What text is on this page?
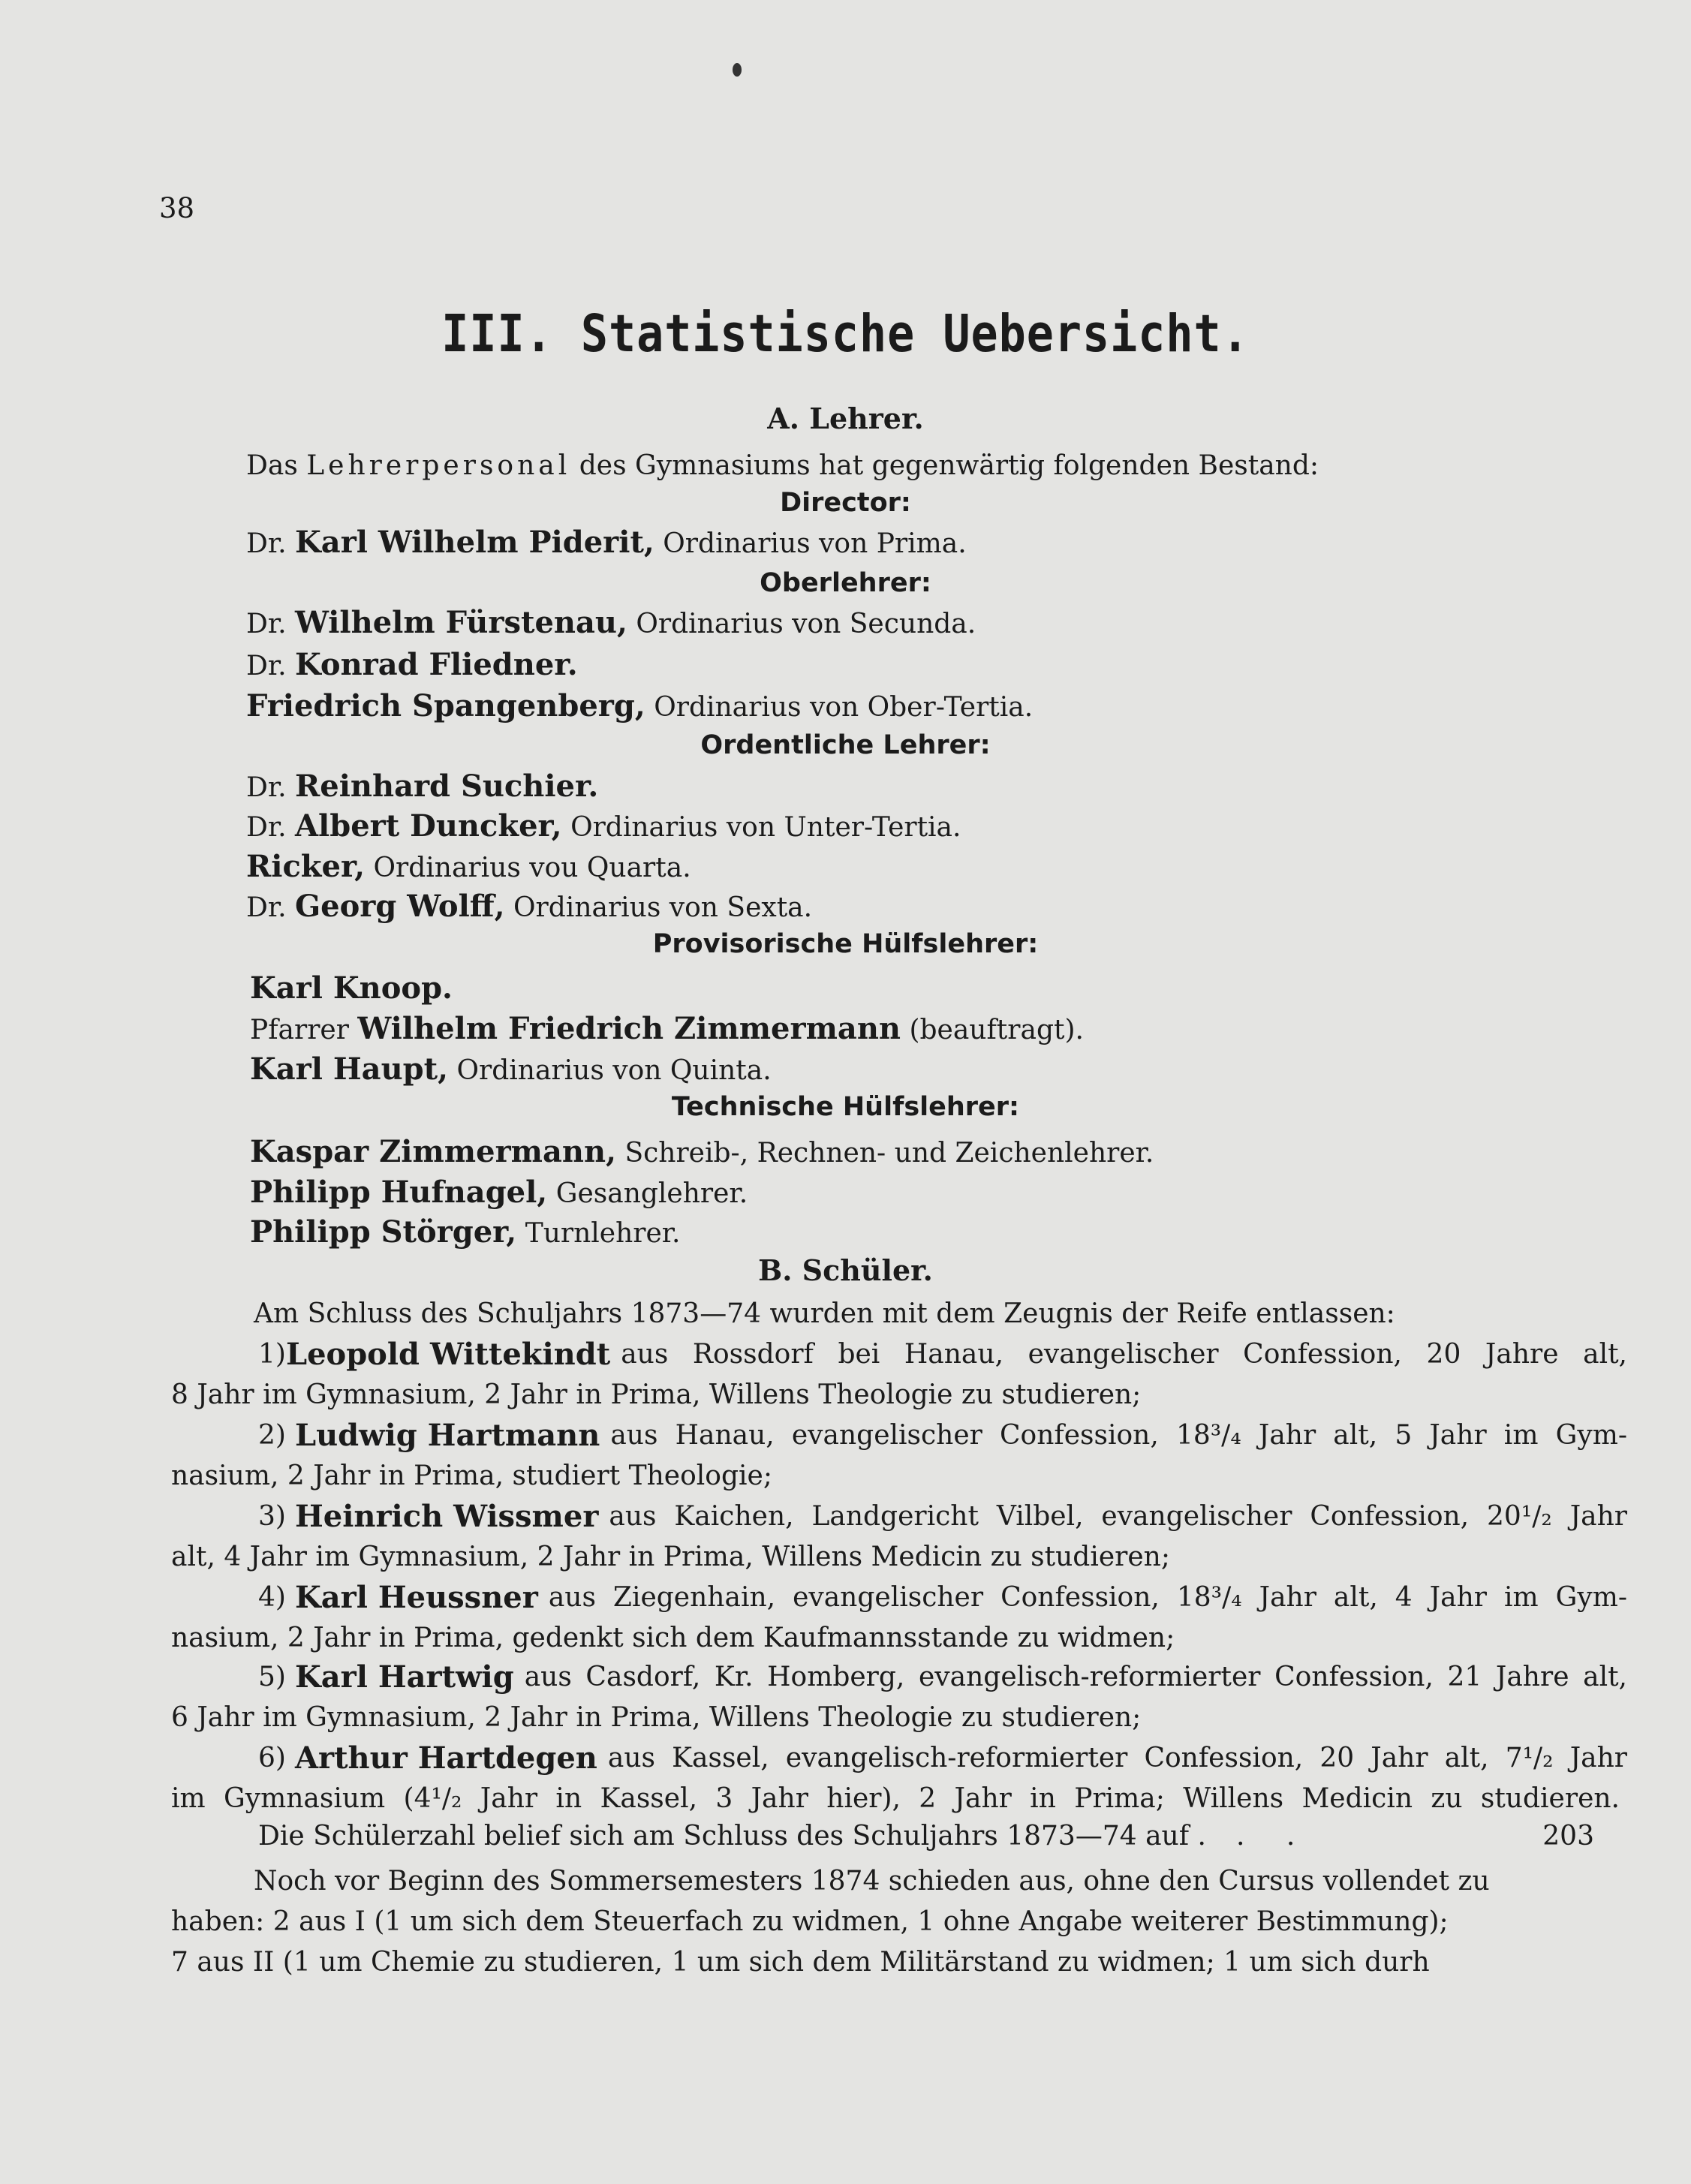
38
III. Statistische Uebersicht.
A. Lehrer.
Das Lehrerpersonal des Gymnasiums hat gegenwärtig folgenden Bestand:
Director:
Dr. Karl Wilhelm Piderit, Ordinarius von Prima.
Oberlehrer:
Dr. Wilhelm Fürstenau, Ordinarius von Secunda.
Dr. Konrad Fliedner.
Friedrich Spangenberg, Ordinarius von Ober-Tertia.
Ordentliche Lehrer:
Dr. Reinhard Suchier.
Dr. Albert Duncker, Ordinarius von Unter-Tertia.
Ricker, Ordinarius vou Quarta.
Dr. Georg Wolff, Ordinarius von Sexta.
Provisorische Hülfslehrer:
Karl Knoop.
Pfarrer Wilhelm Friedrich Zimmermann (beauftragt).
Karl Haupt, Ordinarius von Quinta.
Technische Hülfslehrer:
Kaspar Zimmermann, Schreib-, Rechnen- und Zeichenlehrer.
Philipp Hufnagel, Gesanglehrer.
Philipp Störger, Turnlehrer.
B. Schüler.
Am Schluss des Schuljahrs 1873—74 wurden mit dem Zeugnis der Reife entlassen:
1) Leopold Wittekindt aus Rossdorf bei Hanau, evangelischer Confession, 20 Jahre alt,
8 Jahr im Gymnasium, 2 Jahr in Prima, Willens Theologie zu studieren;
2) Ludwig Hartmann aus Hanau, evangelischer Confession, 18³/₄ Jahr alt, 5 Jahr im Gym-
nasium, 2 Jahr in Prima, studiert Theologie;
3) Heinrich Wissmer aus Kaichen, Landgericht Vilbel, evangelischer Confession, 20¹/₂ Jahr
alt, 4 Jahr im Gymnasium, 2 Jahr in Prima, Willens Medicin zu studieren;
4) Karl Heussner aus Ziegenhain, evangelischer Confession, 18³/₄ Jahr alt, 4 Jahr im Gym-
nasium, 2 Jahr in Prima, gedenkt sich dem Kaufmannsstande zu widmen;
5) Karl Hartwig aus Casdorf, Kr. Homberg, evangelisch-reformierter Confession, 21 Jahre alt,
6 Jahr im Gymnasium, 2 Jahr in Prima, Willens Theologie zu studieren;
6) Arthur Hartdegen aus Kassel, evangelisch-reformierter Confession, 20 Jahr alt, 7¹/₂ Jahr
im Gymnasium (4¹/₂ Jahr in Kassel, 3 Jahr hier), 2 Jahr in Prima; Willens Medicin zu studieren.
Die Schülerzahl belief sich am Schluss des Schuljahrs 1873—74 auf . . .	203
Noch vor Beginn des Sommersemesters 1874 schieden aus, ohne den Cursus vollendet zu
haben: 2 aus I (1 um sich dem Steuerfach zu widmen, 1 ohne Angabe weiterer Bestimmung);
7 aus II (1 um Chemie zu studieren, 1 um sich dem Militärstand zu widmen; 1 um sich durh
